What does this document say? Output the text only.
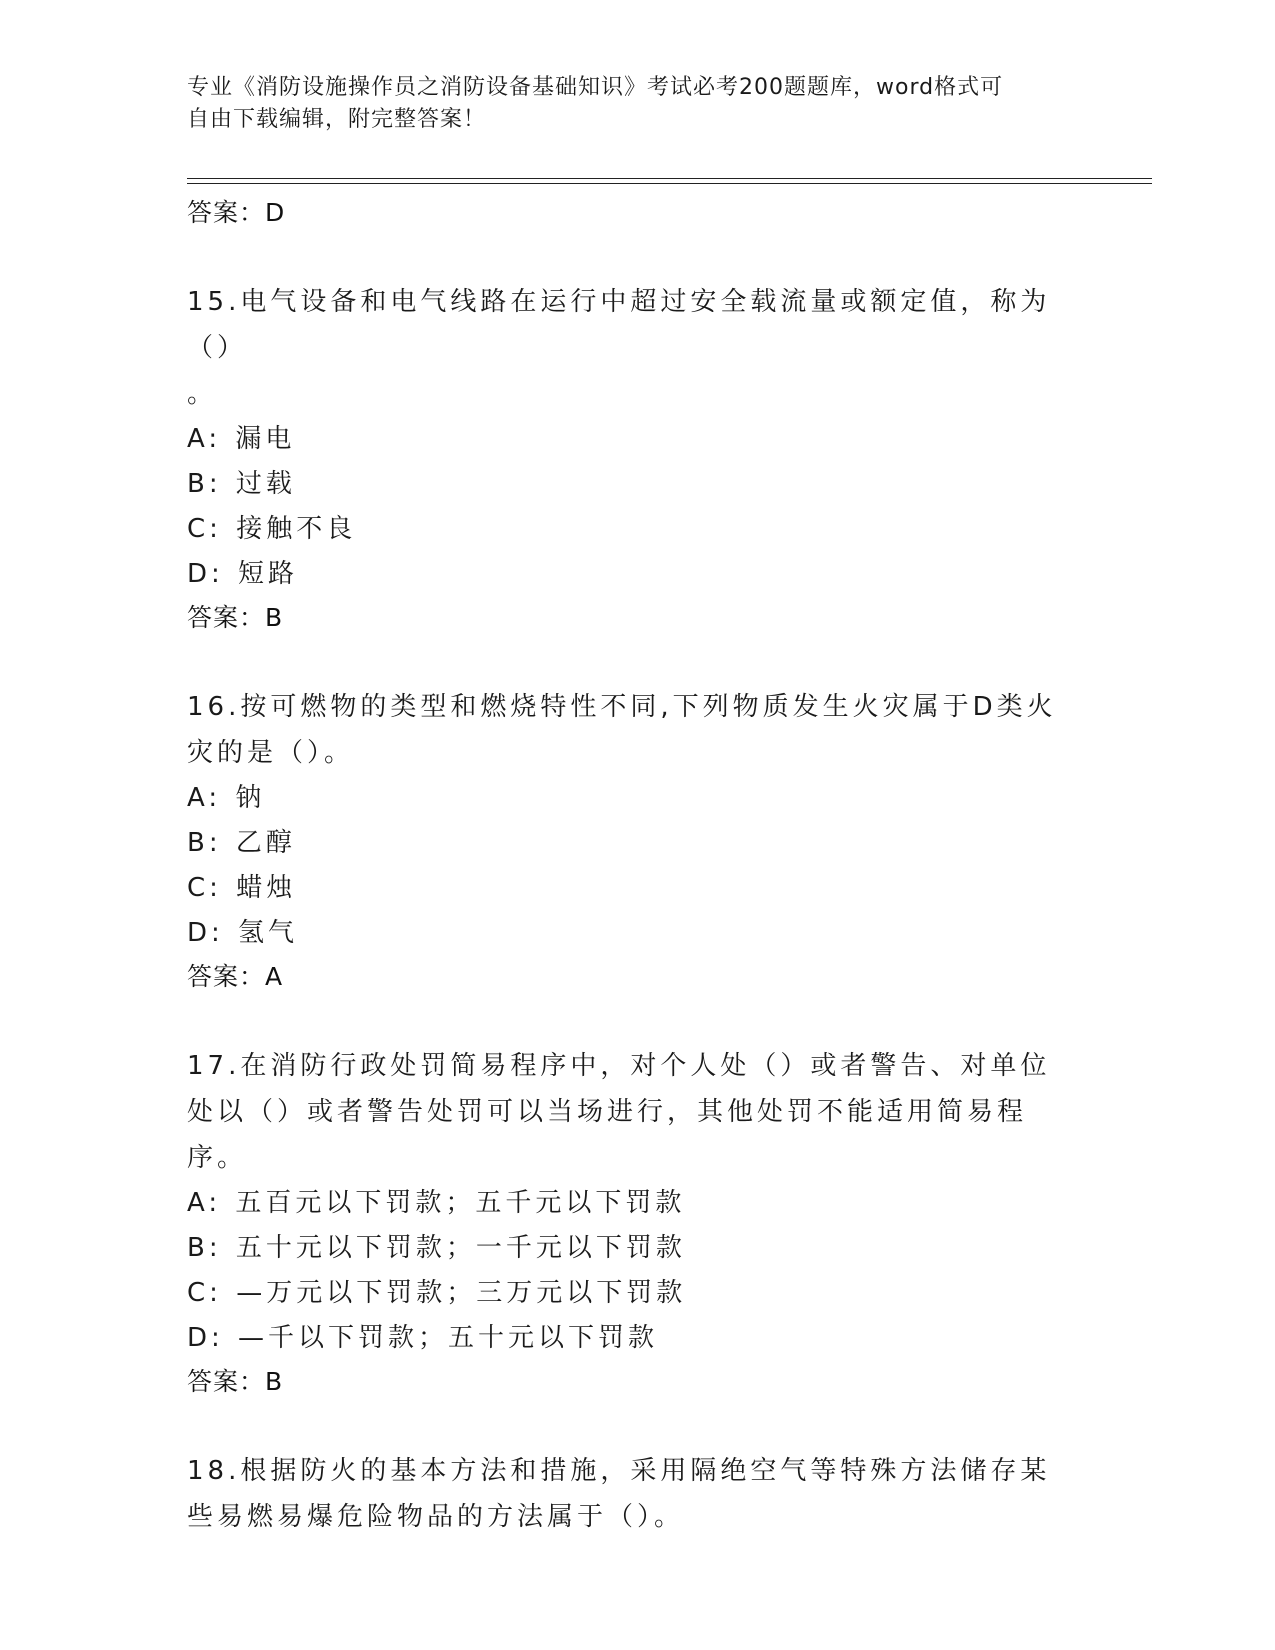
专业《消防设施操作员之消防设备基础知识》考试必考200题题库，word格式可
自由下载编辑，附完整答案！
答案：D
15.电气设备和电气线路在运行中超过安全载流量或额定值，称为（）
。
A: 漏电
B: 过载
C: 接触不良
D: 短路
答案：B
16.按可燃物的类型和燃烧特性不同,下列物质发生火灾属于D类火灾的是（）。
A: 钠
B: 乙醇
C: 蜡烛
D: 氢气
答案：A
17.在消防行政处罚简易程序中，对个人处（）或者警告、对单位处以（）或者警告处罚可以当场进行，其他处罚不能适用简易程序。
A: 五百元以下罚款；五千元以下罚款
B: 五十元以下罚款；一千元以下罚款
C: —万元以下罚款；三万元以下罚款
D: —千以下罚款；五十元以下罚款
答案：B
18.根据防火的基本方法和措施，采用隔绝空气等特殊方法储存某些易燃易爆危险物品的方法属于（）。
